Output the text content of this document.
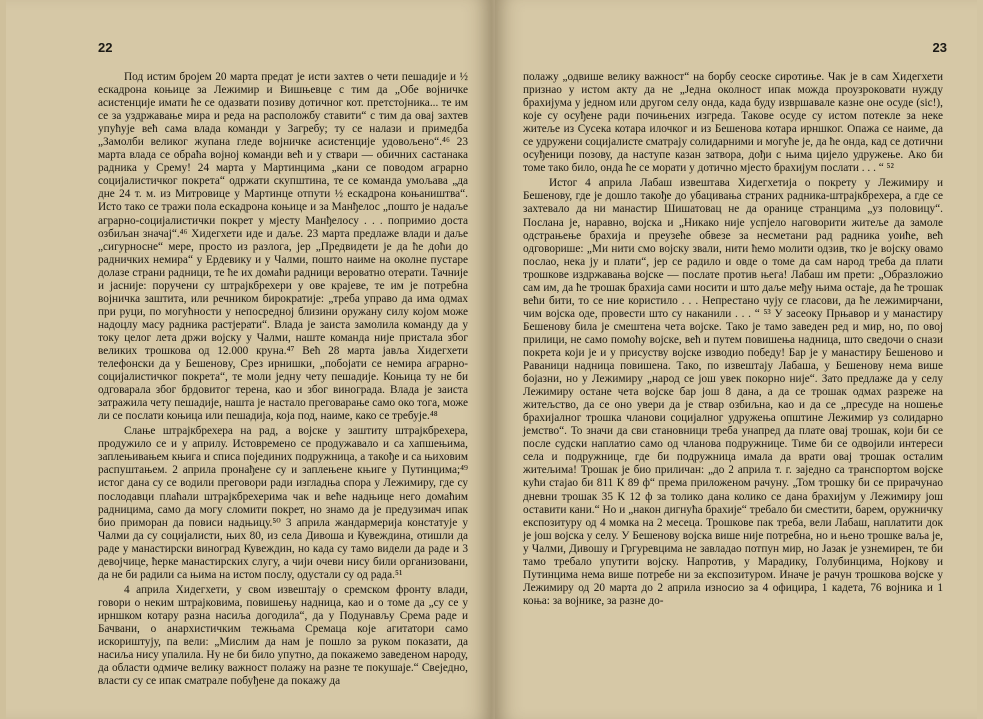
22

Под истим бројем 20 марта предат је исти захтев о чети пешадије и ½ ескадрона коњице за Лежимир и Вишњевце с тим да „Обе војничке асистенције имати ће се одазвати позиву дотичног кот. претстојника... те им се за уздржавање мира и реда на расположбу ставити“ с тим да овај захтев упућује већ сама влада команди у Загребу; ту се налази и примедба „Замолби великог жупана гледе војничке асистенције удовољено“.⁴⁶ 23 марта влада се обраћа војној команди већ и у ствари — обичних састанака радника у Срему! 24 марта у Мартинцима „кани се поводом аграрно социјалистичког покрета“ одржати скупштина, те се команда умољава „да дне 24 т. м. из Митровице у Мартинце отпути ½ ескадрона коњаништва“. Исто тако се тражи пола ескадрона коњице и за Манђелос „пошто је надаље аграрно-социјалистички покрет у мјесту Манђелосу . . . попримио доста озбиљан значај“.⁴⁶ Хидегхети иде и даље. 23 марта предлаже влади и даље „сигурносне“ мере, просто из разлога, јер „Предвидети је да ће доћи до радничких немира“ у Ердевику и у Чалми, пошто наиме на околне пустаре долазе страни радници, те ће их домаћи радници вероватно отерати. Тачније и јасније: поручени су штрајкбрехери у ове крајеве, те им је потребна војничка заштита, или речником бирократије: „треба управо да има одмах при руци, по могућности у непосредној близини оружану силу којом може надоцлу масу радника растјерати“. Влада је заиста замолила команду да у току целог лета држи војску у Чалми, наште команда није пристала због великих трошкова од 12.000 круна.⁴⁷ Већ 28 марта јавља Хидегхети телефонски да у Бешеновy, Срез ирнишки, „побојати се немира аграрно-социјалистичког покрета“, те моли једну чету пешадије. Коњица ту не би одговарала због брдовитог терена, као и због винограда. Влада је заиста затражила чету пешадије, нашта је настало преговарање само око тога, може ли се послати коњица или пешадија, која под, наиме, како се требује.⁴⁸

Слање штрајкбрехера на рад, а војске у заштиту штрајкбрехера, продужило се и у априлу. Истовремено се продужавало и са хапшењима, заплењивањем књига и списа појединих подружница, а такође и са њиховим распуштањем. 2 априла пронађене су и заплењене књиге у Путинцима;⁴⁹ истог дана су се водили преговори ради изгладња спора у Лежимиру, где су послодавци плаћали штрајкбрехерима чак и веће надњице него домаћим радницима, само да могу сломити покрет, но знамо да је предузимач ипак био приморан да повиси надњицу.⁵⁰ 3 априла жандармерија констатује у Чалми да су социјалисти, њих 80, из села Дивоша и Кувеждина, отишли да раде у манастирски виноград Кувеждин, но када су тамо видели да раде и 3 девојчице, ћерке манастирских слугу, а чији очеви нису били организовани, да не би радили са њима на истом послу, одустали су од рада.⁵¹

4 априла Хидегхети, у свом извештају о сремском фронту влади, говори о неким штрајковима, повишењу надница, као и о томе да „су се у ирншком котару разна насиља догодила“, да у Подунављу Срема раде и Бачвани, о анархистичким тежњама Сремаца које агитатори само искориштују, па вели: „Мислим да нам је пошло за руком показати, да насиља нису упалила. Ну не би било упутно, да покажемо заведеном народу, да области одмиче велику важност полажу на разне те покушаје.“ Свеједно, власти су се ипак сматрале побуђене да покажу да

23

полажу „одвише велику важност“ на борбу сеоске сиротиње. Чак је в сам Хидегхети признао у истом акту да не „Једна околност ипак можда проузроковати нужду брахијума у једном или другом селу онда, када буду извршавале казне оне осуде (sic!), које су осуђене ради почињених изгреда. Таковe осуде су истом потекле за неке житеље из Сусека котара илочког и из Бешенова котара ирншког. Опажа се наиме, да се удружени социјалисте сматрају солидарними и могуће је, да ће онда, кад се дотични осуђеници позову, да наступе казан затвора, дођи с њима цијело удружење. Ако би томе тако било, онда ће се морати у дотично мјесто брахијум послати . . . “ ⁵²

Истог 4 априла Лабаш извештава Хидегхетија о покрету у Лежимиру и Бешенову, где је дошло такође до убацивања страних радника-штрајкбрехера, а где се захтевало да ни манастир Шишатовац не да оранице странцима „уз половицу“. Послана је, наравно, војска и „Никако није успјело наговорити житеље да замоле одстрањење брахија и преузеће обвезе за несметани рад радника уоиће, већ одговорише: „Ми нити смо војску звали, нити ћемо молити одзив, тко је војску овамо послао, нека ју и плати“, јер се радило и овде о томе да сам народ треба да плати трошкове издржавања војске — послате против њега! Лабаш им прети: „Образложио сам им, да ће трошак брахија сами носити и што даље међу њима остаје, да ће трошак већи бити, то се ние користило . . . Непрестано чују се гласови, да ће лежимирчани, чим војска оде, провести што су наканили . . . “ ⁵³ У засеоку Прњавор и у манастиру Бешенову била је смештена чета војске. Тако је тамо заведен ред и мир, но, по овој прилици, не само помоћу војске, већ и путем повишења надница, што сведочи о снази покрета који је и у присуству војске изводио победу! Бар је у манастиру Бешеново и Раваници надница повишена. Тако, по извештају Лабаша, у Бешенову нема више бојазни, но у Лежимиру „народ се још увек покорно није“. Зато предлаже да у селу Лежимиру остане чета војске бар још 8 дана, а да се трошак одмах разреже на житељство, да се оно увери да је ствар озбиљна, као и да се „пресуде на ношење брахијалног трошка чланови социјалног удружења општине Лежимир уз солидарно јемство“. То значи да сви становници треба унапред да плате овај трошак, који би се после судски наплатио само од чланова подружнице. Тиме би се одвојили интереси села и подружнице, где би подружница имала да врати овај трошак осталим житељима! Трошак је био приличан: „до 2 априла т. г. заједно са транспортом војске кући стајао би 811 К 89 ф“ према приложеном рачуну. „Том трошку би се прирачунао дневни трошак 35 К 12 ф за толико дана колико се дана брахијум у Лежимиру још оставити кани.“ Но и „након дигнућа брахије“ требало би сместити, барем, оружничку експозитуру од 4 момка на 2 месеца. Трошкове пак треба, вели Лабаш, наплатити док је још војска у селу. У Бешенову војска више није потребна, но и њено трошке ваља је, у Чалми, Дивошу и Гргуревцима не завладао потпун мир, но Јазак је узнемирен, те би тамо требало упутити војску. Напротив, у Марадику, Голубинцима, Нојкову и Путинцима нема више потребе ни за експозитуром. Иначе је рачун трошкова војске у Лежимиру од 20 марта до 2 априла износио за 4 официра, 1 кадета, 76 војника и 1 коња: за војнике, за разне до-
